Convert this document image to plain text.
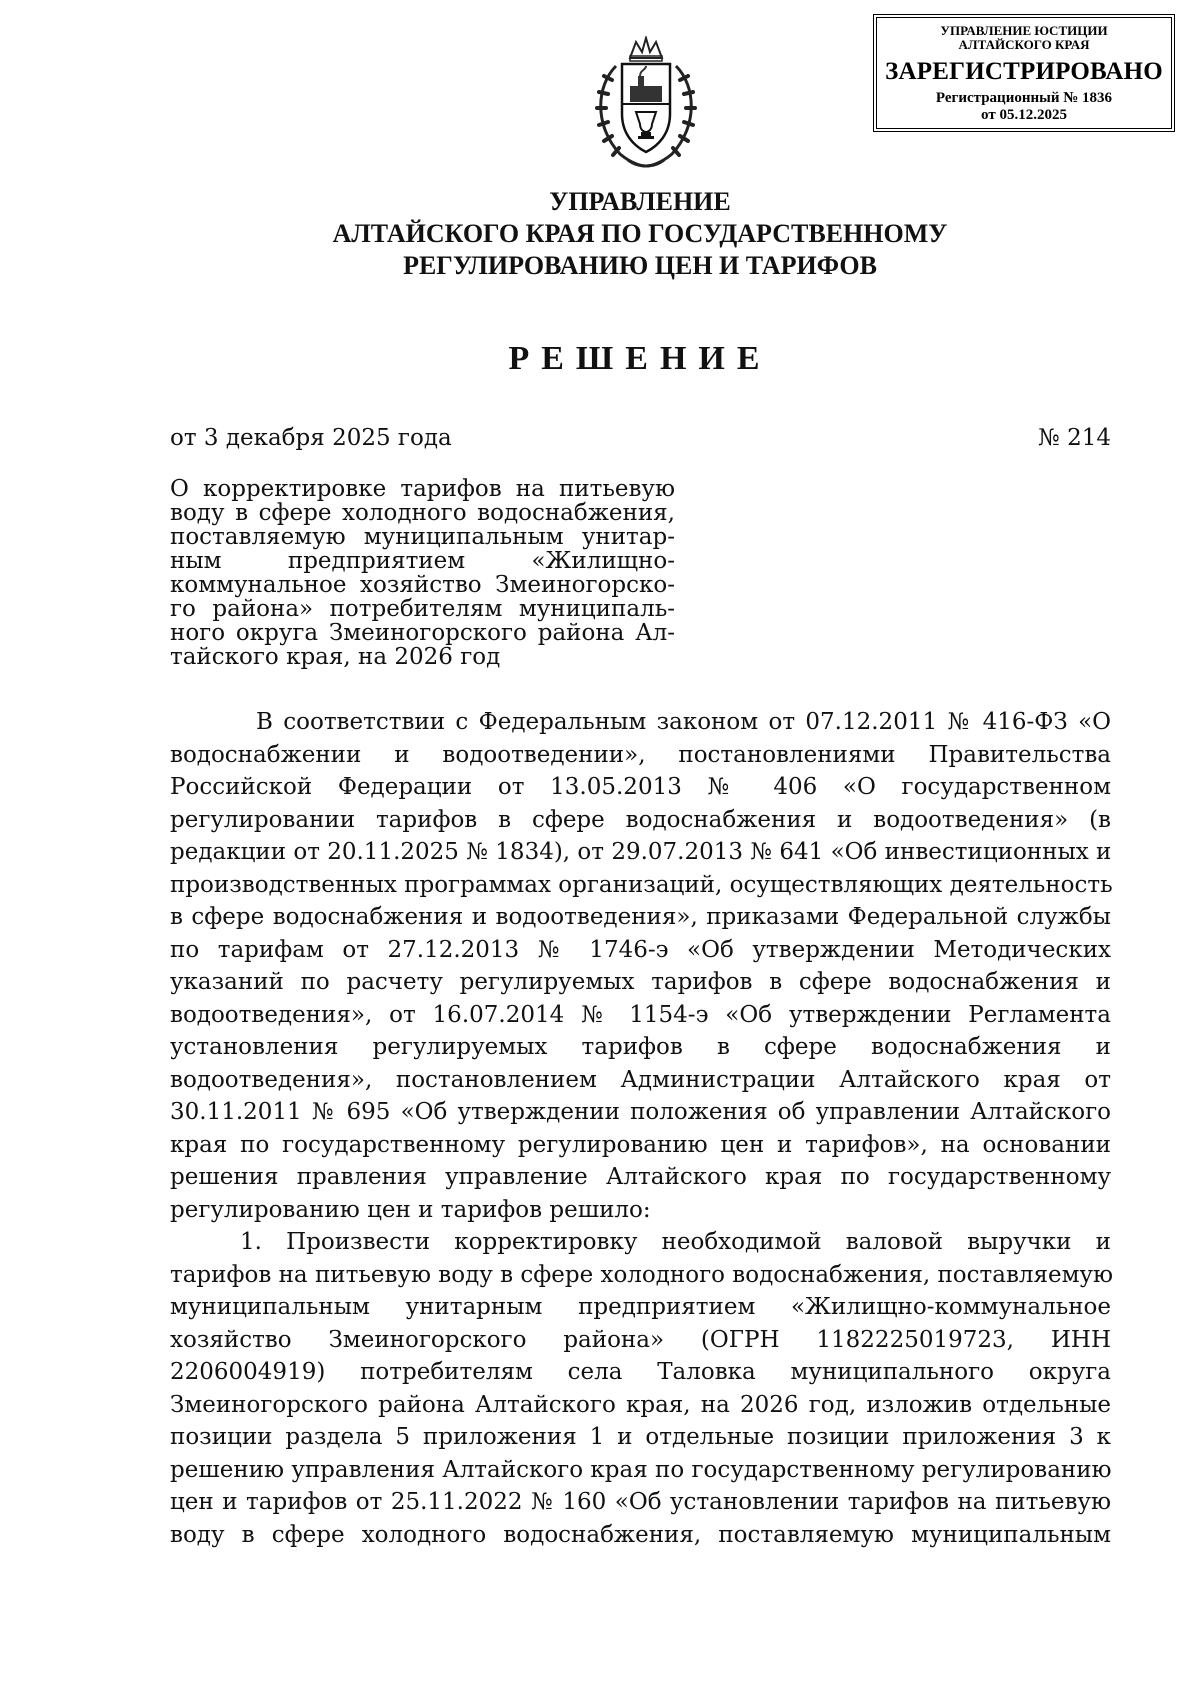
УПРАВЛЕНИЕ ЮСТИЦИИ
АЛТАЙСКОГО КРАЯ
ЗАРЕГИСТРИРОВАНО
Регистрационный № 1836
от 05.12.2025
УПРАВЛЕНИЕ
АЛТАЙСКОГО КРАЯ ПО ГОСУДАРСТВЕННОМУ
РЕГУЛИРОВАНИЮ ЦЕН И ТАРИФОВ
РЕШЕНИЕ
от 3 декабря 2025 года	№ 214
О корректировке тарифов на питьевую
воду в сфере холодного водоснабжения,
поставляемую муниципальным унитар-
ным предприятием «Жилищно-
коммунальное хозяйство Змеиногорско-
го района» потребителям муниципаль-
ного округа Змеиногорского района Ал-
тайского края, на 2026 год
В соответствии с Федеральным законом от 07.12.2011 № 416-ФЗ «О
водоснабжении и водоотведении», постановлениями Правительства
Российской Федерации от 13.05.2013 № 406 «О государственном
регулировании тарифов в сфере водоснабжения и водоотведения» (в
редакции от 20.11.2025 № 1834), от 29.07.2013 № 641 «Об инвестиционных и
производственных программах организаций, осуществляющих деятельность
в сфере водоснабжения и водоотведения», приказами Федеральной службы
по тарифам от 27.12.2013 № 1746-э «Об утверждении Методических
указаний по расчету регулируемых тарифов в сфере водоснабжения и
водоотведения», от 16.07.2014 № 1154-э «Об утверждении Регламента
установления регулируемых тарифов в сфере водоснабжения и
водоотведения», постановлением Администрации Алтайского края от
30.11.2011 № 695 «Об утверждении положения об управлении Алтайского
края по государственному регулированию цен и тарифов», на основании
решения правления управление Алтайского края по государственному
регулированию цен и тарифов решило:
1. Произвести корректировку необходимой валовой выручки и
тарифов на питьевую воду в сфере холодного водоснабжения, поставляемую
муниципальным унитарным предприятием «Жилищно-коммунальное
хозяйство Змеиногорского района» (ОГРН 1182225019723, ИНН
2206004919) потребителям села Таловка муниципального округа
Змеиногорского района Алтайского края, на 2026 год, изложив отдельные
позиции раздела 5 приложения 1 и отдельные позиции приложения 3 к
решению управления Алтайского края по государственному регулированию
цен и тарифов от 25.11.2022 № 160 «Об установлении тарифов на питьевую
воду в сфере холодного водоснабжения, поставляемую муниципальным
